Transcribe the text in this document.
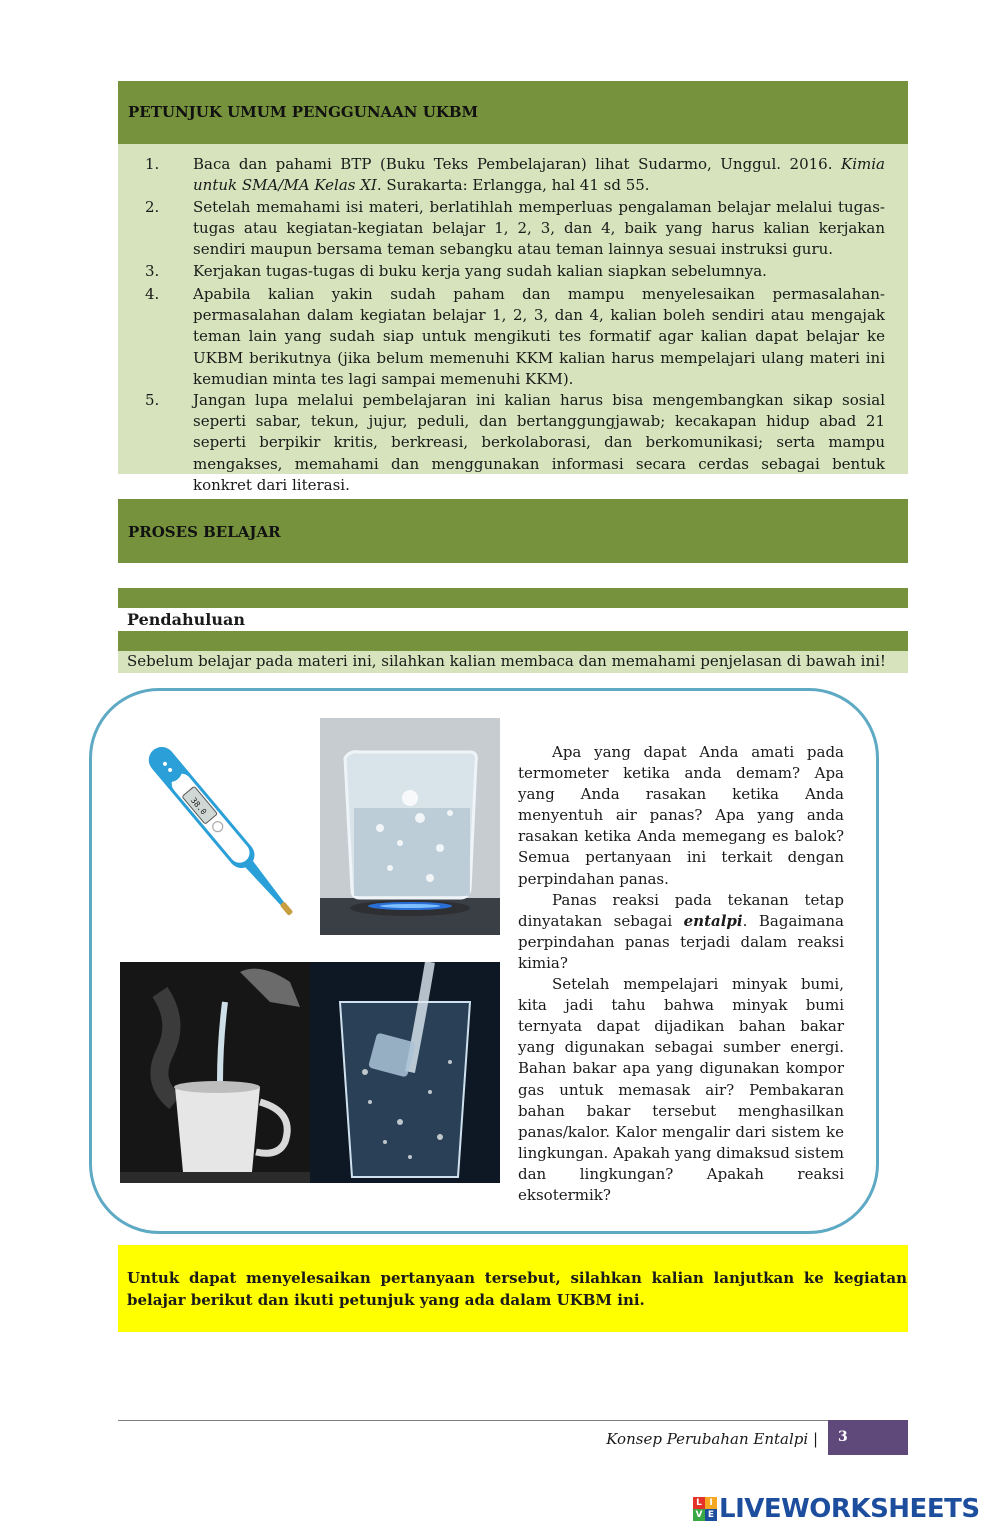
PETUNJUK UMUM PENGGUNAAN UKBM
1.	Baca dan pahami BTP (Buku Teks Pembelajaran) lihat Sudarmo, Unggul. 2016. Kimia untuk SMA/MA Kelas XI. Surakarta: Erlangga, hal 41 sd 55.
2.	Setelah memahami isi materi, berlatihlah memperluas pengalaman belajar melalui tugas-tugas atau kegiatan-kegiatan belajar 1, 2, 3, dan 4, baik yang harus kalian kerjakan sendiri maupun bersama teman sebangku atau teman lainnya sesuai instruksi guru.
3.	Kerjakan tugas-tugas di buku kerja yang sudah kalian siapkan sebelumnya.
4.	Apabila kalian yakin sudah paham dan mampu menyelesaikan permasalahan-permasalahan dalam kegiatan belajar 1, 2, 3, dan 4, kalian boleh sendiri atau mengajak teman lain yang sudah siap untuk mengikuti tes formatif agar kalian dapat belajar ke UKBM berikutnya (jika belum memenuhi KKM kalian harus mempelajari ulang materi ini kemudian minta tes lagi sampai memenuhi KKM).
5.	Jangan lupa melalui pembelajaran ini kalian harus bisa mengembangkan sikap sosial seperti sabar, tekun, jujur, peduli, dan bertanggungjawab; kecakapan hidup abad 21 seperti berpikir kritis, berkreasi, berkolaborasi, dan berkomunikasi; serta mampu mengakses, memahami dan menggunakan informasi secara cerdas sebagai bentuk konkret dari literasi.
PROSES BELAJAR
Pendahuluan
Sebelum belajar pada materi ini, silahkan kalian membaca dan memahami penjelasan di bawah ini!
38.0

Apa yang dapat Anda amati pada termometer ketika anda demam? Apa yang Anda rasakan ketika Anda menyentuh air panas? Apa yang anda rasakan ketika Anda memegang es balok? Semua pertanyaan ini terkait dengan perpindahan panas.

Panas reaksi pada tekanan tetap dinyatakan sebagai entalpi. Bagaimana perpindahan panas terjadi dalam reaksi kimia?

Setelah mempelajari minyak bumi, kita jadi tahu bahwa minyak bumi ternyata dapat dijadikan bahan bakar yang digunakan sebagai sumber energi. Bahan bakar apa yang digunakan kompor gas untuk memasak air? Pembakaran bahan bakar tersebut menghasilkan panas/kalor. Kalor mengalir dari sistem ke lingkungan. Apakah yang dimaksud sistem dan lingkungan? Apakah reaksi eksotermik?

Untuk dapat menyelesaikan pertanyaan tersebut, silahkan kalian lanjutkan ke kegiatan belajar berikut dan ikuti petunjuk yang ada dalam UKBM ini.

Konsep Perubahan Entalpi | 3
L I
V E LIVEWORKSHEETS
